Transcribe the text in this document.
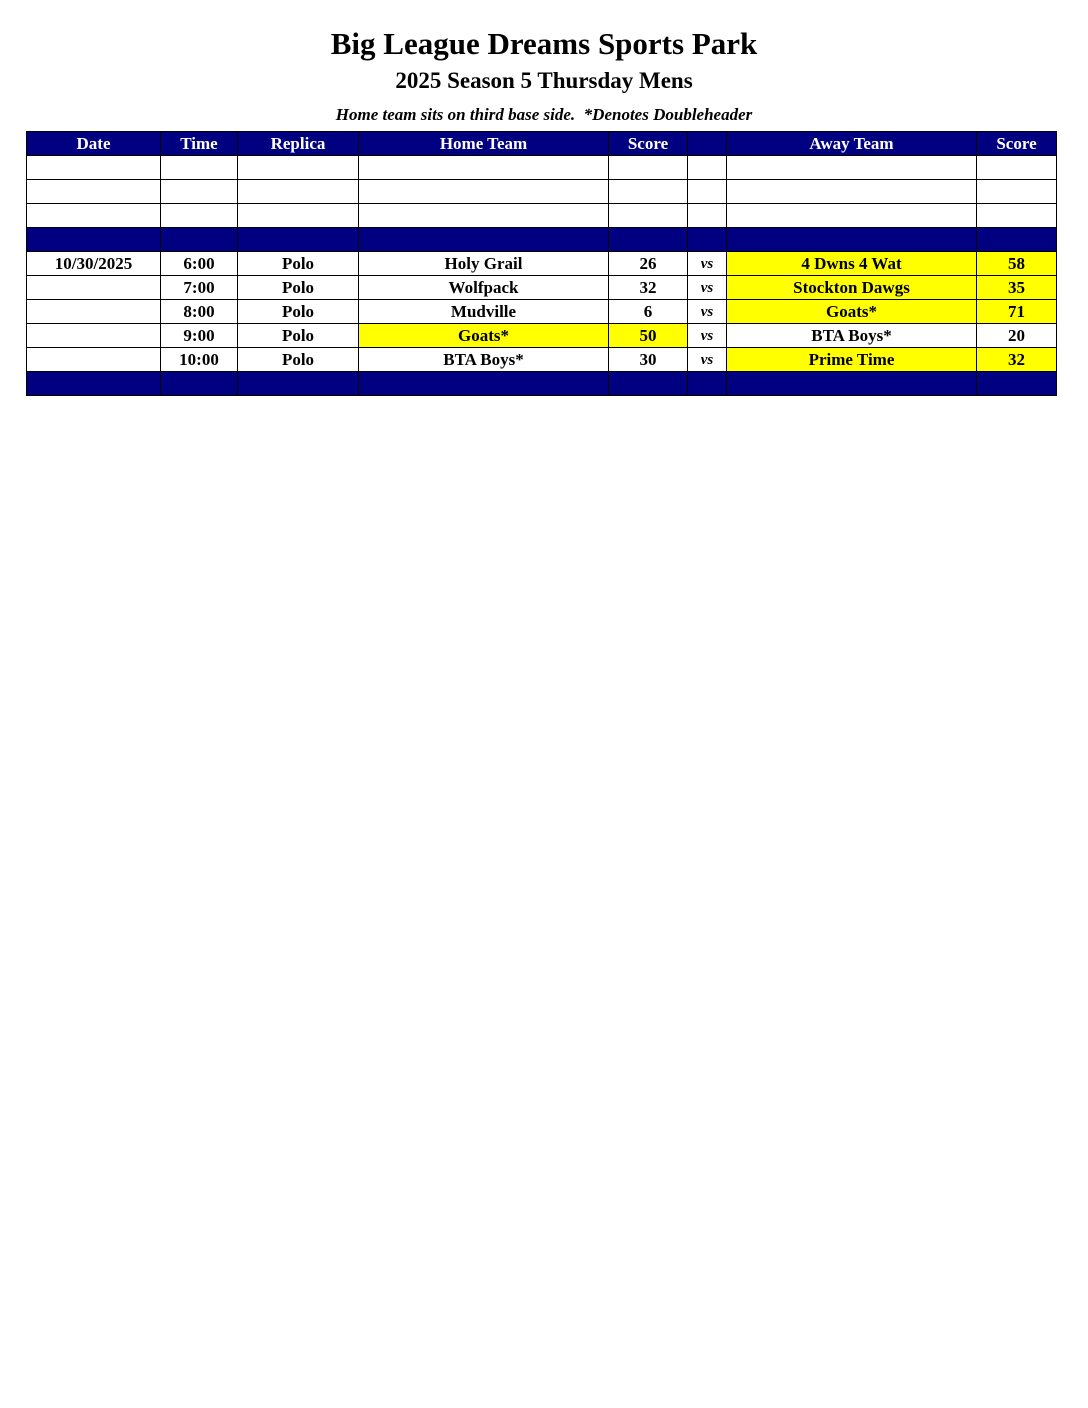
Big League Dreams Sports Park
2025 Season 5 Thursday Mens
Home team sits on third base side.  *Denotes Doubleheader
Date	Time	Replica	Home Team	Score		Away Team	Score

10/30/2025	6:00	Polo	Holy Grail	26	vs	4 Dwns 4 Wat	58
	7:00	Polo	Wolfpack	32	vs	Stockton Dawgs	35
	8:00	Polo	Mudville	6	vs	Goats*	71
	9:00	Polo	Goats*	50	vs	BTA Boys*	20
	10:00	Polo	BTA Boys*	30	vs	Prime Time	32
